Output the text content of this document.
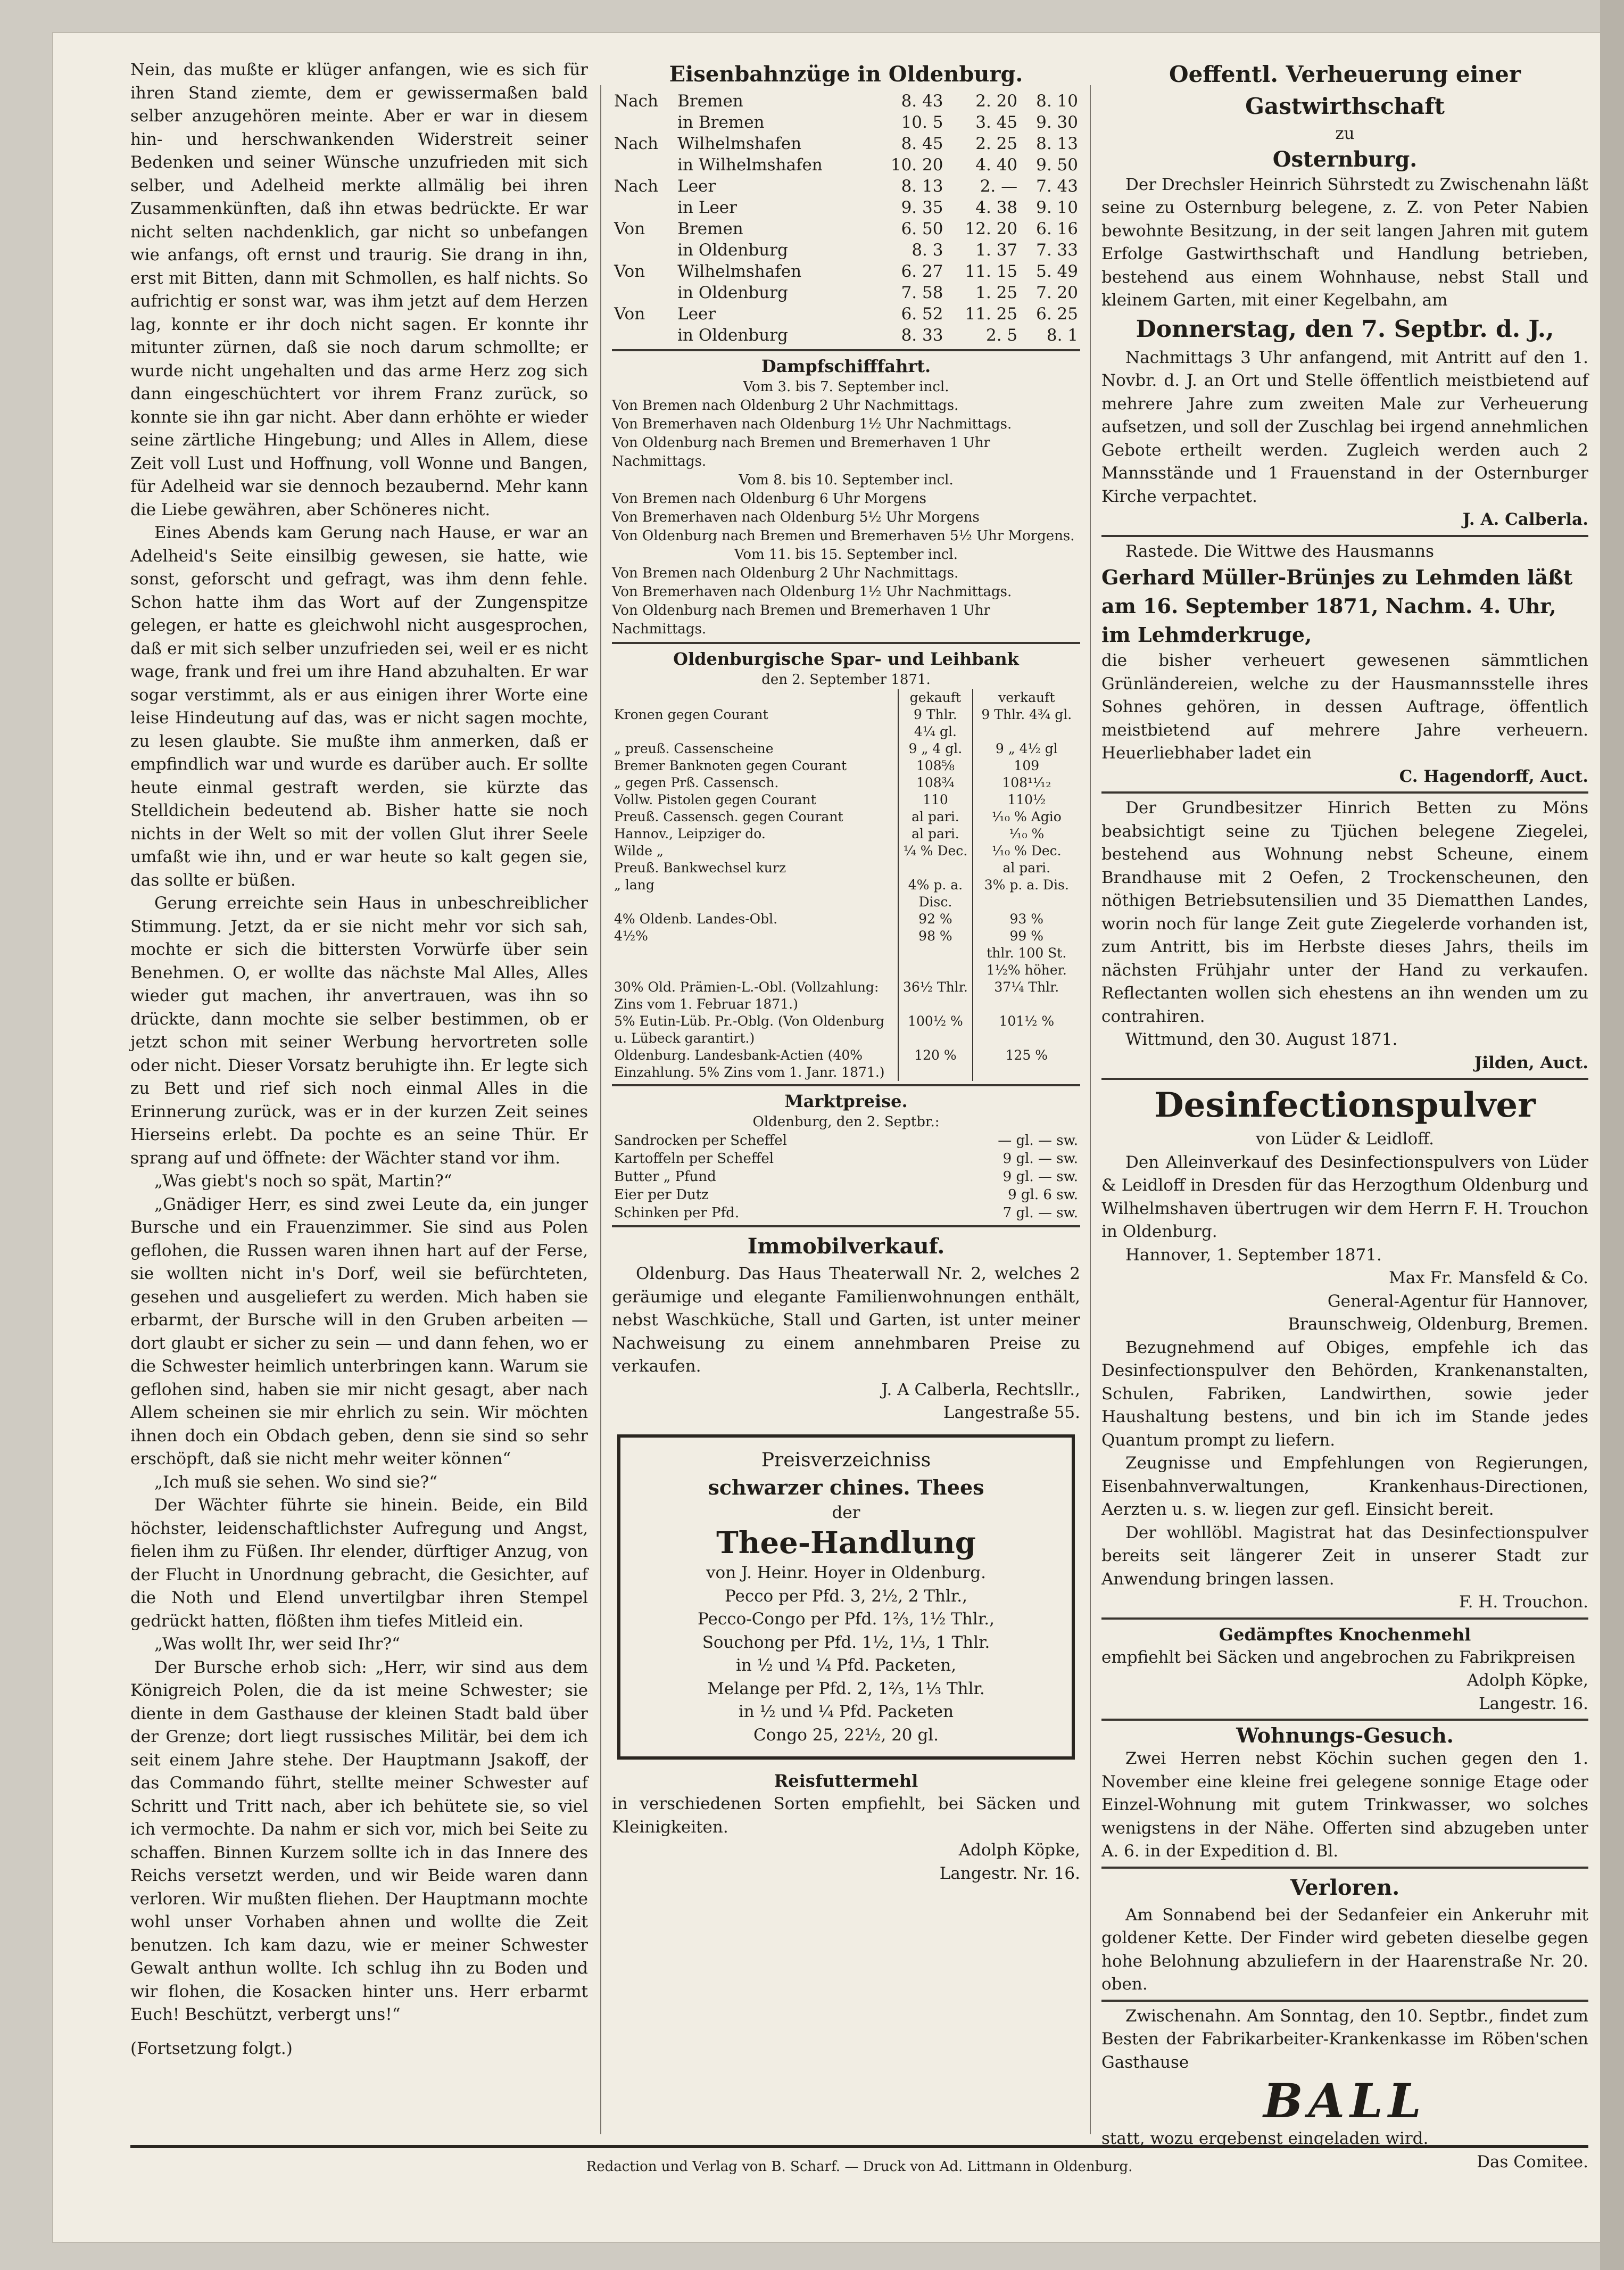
Nein, das mußte er klüger anfangen, wie es sich für ihren Stand ziemte, dem er gewissermaßen bald selber anzugehören meinte. Aber er war in diesem hin- und herschwankenden Widerstreit seiner Bedenken und seiner Wünsche unzufrieden mit sich selber, und Adelheid merkte allmälig bei ihren Zusammenkünften, daß ihn etwas bedrückte. Er war nicht selten nachdenklich, gar nicht so unbefangen wie anfangs, oft ernst und traurig. Sie drang in ihn, erst mit Bitten, dann mit Schmollen, es half nichts. So aufrichtig er sonst war, was ihm jetzt auf dem Herzen lag, konnte er ihr doch nicht sagen. Er konnte ihr mitunter zürnen, daß sie noch darum schmollte; er wurde nicht ungehalten und das arme Herz zog sich dann eingeschüchtert vor ihrem Franz zurück, so konnte sie ihn gar nicht. Aber dann erhöhte er wieder seine zärtliche Hingebung; und Alles in Allem, diese Zeit voll Lust und Hoffnung, voll Wonne und Bangen, für Adelheid war sie dennoch bezaubernd. Mehr kann die Liebe gewähren, aber Schöneres nicht.

Eines Abends kam Gerung nach Hause, er war an Adelheid's Seite einsilbig gewesen, sie hatte, wie sonst, geforscht und gefragt, was ihm denn fehle. Schon hatte ihm das Wort auf der Zungenspitze gelegen, er hatte es gleichwohl nicht ausgesprochen, daß er mit sich selber unzufrieden sei, weil er es nicht wage, frank und frei um ihre Hand abzuhalten. Er war sogar verstimmt, als er aus einigen ihrer Worte eine leise Hindeutung auf das, was er nicht sagen mochte, zu lesen glaubte. Sie mußte ihm anmerken, daß er empfindlich war und wurde es darüber auch. Er sollte heute einmal gestraft werden, sie kürzte das Stelldichein bedeutend ab. Bisher hatte sie noch nichts in der Welt so mit der vollen Glut ihrer Seele umfaßt wie ihn, und er war heute so kalt gegen sie, das sollte er büßen.

Gerung erreichte sein Haus in unbeschreiblicher Stimmung. Jetzt, da er sie nicht mehr vor sich sah, mochte er sich die bittersten Vorwürfe über sein Benehmen. O, er wollte das nächste Mal Alles, Alles wieder gut machen, ihr anvertrauen, was ihn so drückte, dann mochte sie selber bestimmen, ob er jetzt schon mit seiner Werbung hervortreten solle oder nicht. Dieser Vorsatz beruhigte ihn. Er legte sich zu Bett und rief sich noch einmal Alles in die Erinnerung zurück, was er in der kurzen Zeit seines Hierseins erlebt. Da pochte es an seine Thür. Er sprang auf und öffnete: der Wächter stand vor ihm.

„Was giebt's noch so spät, Martin?“

„Gnädiger Herr, es sind zwei Leute da, ein junger Bursche und ein Frauenzimmer. Sie sind aus Polen geflohen, die Russen waren ihnen hart auf der Ferse, sie wollten nicht in's Dorf, weil sie befürchteten, gesehen und ausgeliefert zu werden. Mich haben sie erbarmt, der Bursche will in den Gruben arbeiten — dort glaubt er sicher zu sein — und dann fehen, wo er die Schwester heimlich unterbringen kann. Warum sie geflohen sind, haben sie mir nicht gesagt, aber nach Allem scheinen sie mir ehrlich zu sein. Wir möchten ihnen doch ein Obdach geben, denn sie sind so sehr erschöpft, daß sie nicht mehr weiter können“

„Ich muß sie sehen. Wo sind sie?“

Der Wächter führte sie hinein. Beide, ein Bild höchster, leidenschaftlichster Aufregung und Angst, fielen ihm zu Füßen. Ihr elender, dürftiger Anzug, von der Flucht in Unordnung gebracht, die Gesichter, auf die Noth und Elend unvertilgbar ihren Stempel gedrückt hatten, flößten ihm tiefes Mitleid ein.

„Was wollt Ihr, wer seid Ihr?“

Der Bursche erhob sich: „Herr, wir sind aus dem Königreich Polen, die da ist meine Schwester; sie diente in dem Gasthause der kleinen Stadt bald über der Grenze; dort liegt russisches Militär, bei dem ich seit einem Jahre stehe. Der Hauptmann Jsakoff, der das Commando führt, stellte meiner Schwester auf Schritt und Tritt nach, aber ich behütete sie, so viel ich vermochte. Da nahm er sich vor, mich bei Seite zu schaffen. Binnen Kurzem sollte ich in das Innere des Reichs versetzt werden, und wir Beide waren dann verloren. Wir mußten fliehen. Der Hauptmann mochte wohl unser Vorhaben ahnen und wollte die Zeit benutzen. Ich kam dazu, wie er meiner Schwester Gewalt anthun wollte. Ich schlug ihn zu Boden und wir flohen, die Kosacken hinter uns. Herr erbarmt Euch! Beschützt, verbergt uns!“

(Fortsetzung folgt.)

Eisenbahnzüge in Oldenburg.
Nach	Bremen	8. 43	2. 20	8. 10
	in Bremen	10. 5	3. 45	9. 30
Nach	Wilhelmshafen	8. 45	2. 25	8. 13
	in Wilhelmshafen	10. 20	4. 40	9. 50
Nach	Leer	8. 13	2. —	7. 43
	in Leer	9. 35	4. 38	9. 10
Von	Bremen	6. 50	12. 20	6. 16
	in Oldenburg	8. 3	1. 37	7. 33
Von	Wilhelmshafen	6. 27	11. 15	5. 49
	in Oldenburg	7. 58	1. 25	7. 20
Von	Leer	6. 52	11. 25	6. 25
	in Oldenburg	8. 33	2. 5	8. 1
Dampfschifffahrt.
Vom 3. bis 7. September incl.
Von Bremen nach Oldenburg 2 Uhr Nachmittags.
Von Bremerhaven nach Oldenburg 1½ Uhr Nachmittags.
Von Oldenburg nach Bremen und Bremerhaven 1 Uhr Nachmittags.
Vom 8. bis 10. September incl.
Von Bremen nach Oldenburg 6 Uhr Morgens
Von Bremerhaven nach Oldenburg 5½ Uhr Morgens
Von Oldenburg nach Bremen und Bremerhaven 5½ Uhr Morgens.
Vom 11. bis 15. September incl.
Von Bremen nach Oldenburg 2 Uhr Nachmittags.
Von Bremerhaven nach Oldenburg 1½ Uhr Nachmittags.
Von Oldenburg nach Bremen und Bremerhaven 1 Uhr Nachmittags.
Oldenburgische Spar- und Leihbank
den 2. September 1871.
	gekauft	verkauft
Kronen gegen Courant	9 Thlr. 4¼ gl.	9 Thlr. 4¾ gl.
„ preuß. Cassenscheine	9 „ 4 gl.	9 „ 4½ gl
Bremer Banknoten gegen Courant	108⅝	109
„ gegen Prß. Cassensch.	108¾	108¹¹⁄₁₂
Vollw. Pistolen gegen Courant	110	110½
Preuß. Cassensch. gegen Courant	al pari.	¹⁄₁₀ % Agio
Hannov., Leipziger do.	al pari.	¹⁄₁₀ %
Wilde „	¼ % Dec.	¹⁄₁₀ % Dec.
Preuß. Bankwechsel kurz		al pari.
„ lang	4% p. a. Disc.	3% p. a. Dis.
4% Oldenb. Landes-Obl.	92 %	93 %
4½%	98 %	99 %
		thlr. 100 St. 1½% höher.
30% Old. Prämien-L.-Obl. (Vollzahlung: Zins vom 1. Februar 1871.)	36½ Thlr.	37¼ Thlr.
5% Eutin-Lüb. Pr.-Oblg. (Von Oldenburg u. Lübeck garantirt.)	100½ %	101½ %
Oldenburg. Landesbank-Actien (40% Einzahlung. 5% Zins vom 1. Janr. 1871.)	120 %	125 %
Marktpreise.
Oldenburg, den 2. Septbr.:
Sandrocken per Scheffel	— gl. — sw.
Kartoffeln per Scheffel	9 gl. — sw.
Butter „ Pfund	9 gl. — sw.
Eier per Dutz	9 gl. 6 sw.
Schinken per Pfd.	7 gl. — sw.
Immobilverkauf.

Oldenburg. Das Haus Theaterwall Nr. 2, welches 2 geräumige und elegante Familienwohnungen enthält, nebst Waschküche, Stall und Garten, ist unter meiner Nachweisung zu einem annehmbaren Preise zu verkaufen.

J. A Calberla, Rechtsllr.,
Langestraße 55.
Preisverzeichniss
schwarzer chines. Thees
der
Thee-Handlung
von J. Heinr. Hoyer in Oldenburg.
Pecco per Pfd. 3, 2½, 2 Thlr.,
Pecco-Congo per Pfd. 1⅔, 1½ Thlr.,
Souchong per Pfd. 1½, 1⅓, 1 Thlr.
in ½ und ¼ Pfd. Packeten,
Melange per Pfd. 2, 1⅔, 1⅓ Thlr.
in ½ und ¼ Pfd. Packeten
Congo 25, 22½, 20 gl.
Reisfuttermehl

in verschiedenen Sorten empfiehlt, bei Säcken und Kleinigkeiten.

Adolph Köpke,
Langestr. Nr. 16.
Oeffentl. Verheuerung einer Gastwirthschaft
zu
Osternburg.

Der Drechsler Heinrich Sührstedt zu Zwischenahn läßt seine zu Osternburg belegene, z. Z. von Peter Nabien bewohnte Besitzung, in der seit langen Jahren mit gutem Erfolge Gastwirthschaft und Handlung betrieben, bestehend aus einem Wohnhause, nebst Stall und kleinem Garten, mit einer Kegelbahn, am

Donnerstag, den 7. Septbr. d. J.,

Nachmittags 3 Uhr anfangend, mit Antritt auf den 1. Novbr. d. J. an Ort und Stelle öffentlich meistbietend auf mehrere Jahre zum zweiten Male zur Verheuerung aufsetzen, und soll der Zuschlag bei irgend annehmlichen Gebote ertheilt werden. Zugleich werden auch 2 Mannsstände und 1 Frauenstand in der Osternburger Kirche verpachtet.

J. A. Calberla.

Rastede. Die Wittwe des Hausmanns

Gerhard Müller-Brünjes zu Lehmden läßt
am 16. September 1871, Nachm. 4. Uhr,
im Lehmderkruge,

die bisher verheuert gewesenen sämmtlichen Grünländereien, welche zu der Hausmannsstelle ihres Sohnes gehören, in dessen Auftrage, öffentlich meistbietend auf mehrere Jahre verheuern. Heuerliebhaber ladet ein

C. Hagendorff, Auct.

Der Grundbesitzer Hinrich Betten zu Möns beabsichtigt seine zu Tjüchen belegene Ziegelei, bestehend aus Wohnung nebst Scheune, einem Brandhause mit 2 Oefen, 2 Trockenscheunen, den nöthigen Betriebsutensilien und 35 Diematthen Landes, worin noch für lange Zeit gute Ziegelerde vorhanden ist, zum Antritt, bis im Herbste dieses Jahrs, theils im nächsten Frühjahr unter der Hand zu verkaufen. Reflectanten wollen sich ehestens an ihn wenden um zu contrahiren.

Wittmund, den 30. August 1871.

Jilden, Auct.
Desinfectionspulver
von Lüder & Leidloff.

Den Alleinverkauf des Desinfectionspulvers von Lüder & Leidloff in Dresden für das Herzogthum Oldenburg und Wilhelmshaven übertrugen wir dem Herrn F. H. Trouchon in Oldenburg.

Hannover, 1. September 1871.

Max Fr. Mansfeld & Co.
General-Agentur für Hannover,
Braunschweig, Oldenburg, Bremen.

Bezugnehmend auf Obiges, empfehle ich das Desinfectionspulver den Behörden, Krankenanstalten, Schulen, Fabriken, Landwirthen, sowie jeder Haushaltung bestens, und bin ich im Stande jedes Quantum prompt zu liefern.

Zeugnisse und Empfehlungen von Regierungen, Eisenbahnverwaltungen, Krankenhaus-Directionen, Aerzten u. s. w. liegen zur gefl. Einsicht bereit.

Der wohllöbl. Magistrat hat das Desinfectionspulver bereits seit längerer Zeit in unserer Stadt zur Anwendung bringen lassen.

F. H. Trouchon.
Gedämpftes Knochenmehl

empfiehlt bei Säcken und angebrochen zu Fabrikpreisen

Adolph Köpke,
Langestr. 16.
Wohnungs-Gesuch.

Zwei Herren nebst Köchin suchen gegen den 1. November eine kleine frei gelegene sonnige Etage oder Einzel-Wohnung mit gutem Trinkwasser, wo solches wenigstens in der Nähe. Offerten sind abzugeben unter A. 6. in der Expedition d. Bl.

Verloren.

Am Sonnabend bei der Sedanfeier ein Ankeruhr mit goldener Kette. Der Finder wird gebeten dieselbe gegen hohe Belohnung abzuliefern in der Haarenstraße Nr. 20. oben.

Zwischenahn. Am Sonntag, den 10. Septbr., findet zum Besten der Fabrikarbeiter-Krankenkasse im Röben'schen Gasthause

BALL

statt, wozu ergebenst eingeladen wird.

Das Comitee.
Redaction und Verlag von B. Scharf. — Druck von Ad. Littmann in Oldenburg.
